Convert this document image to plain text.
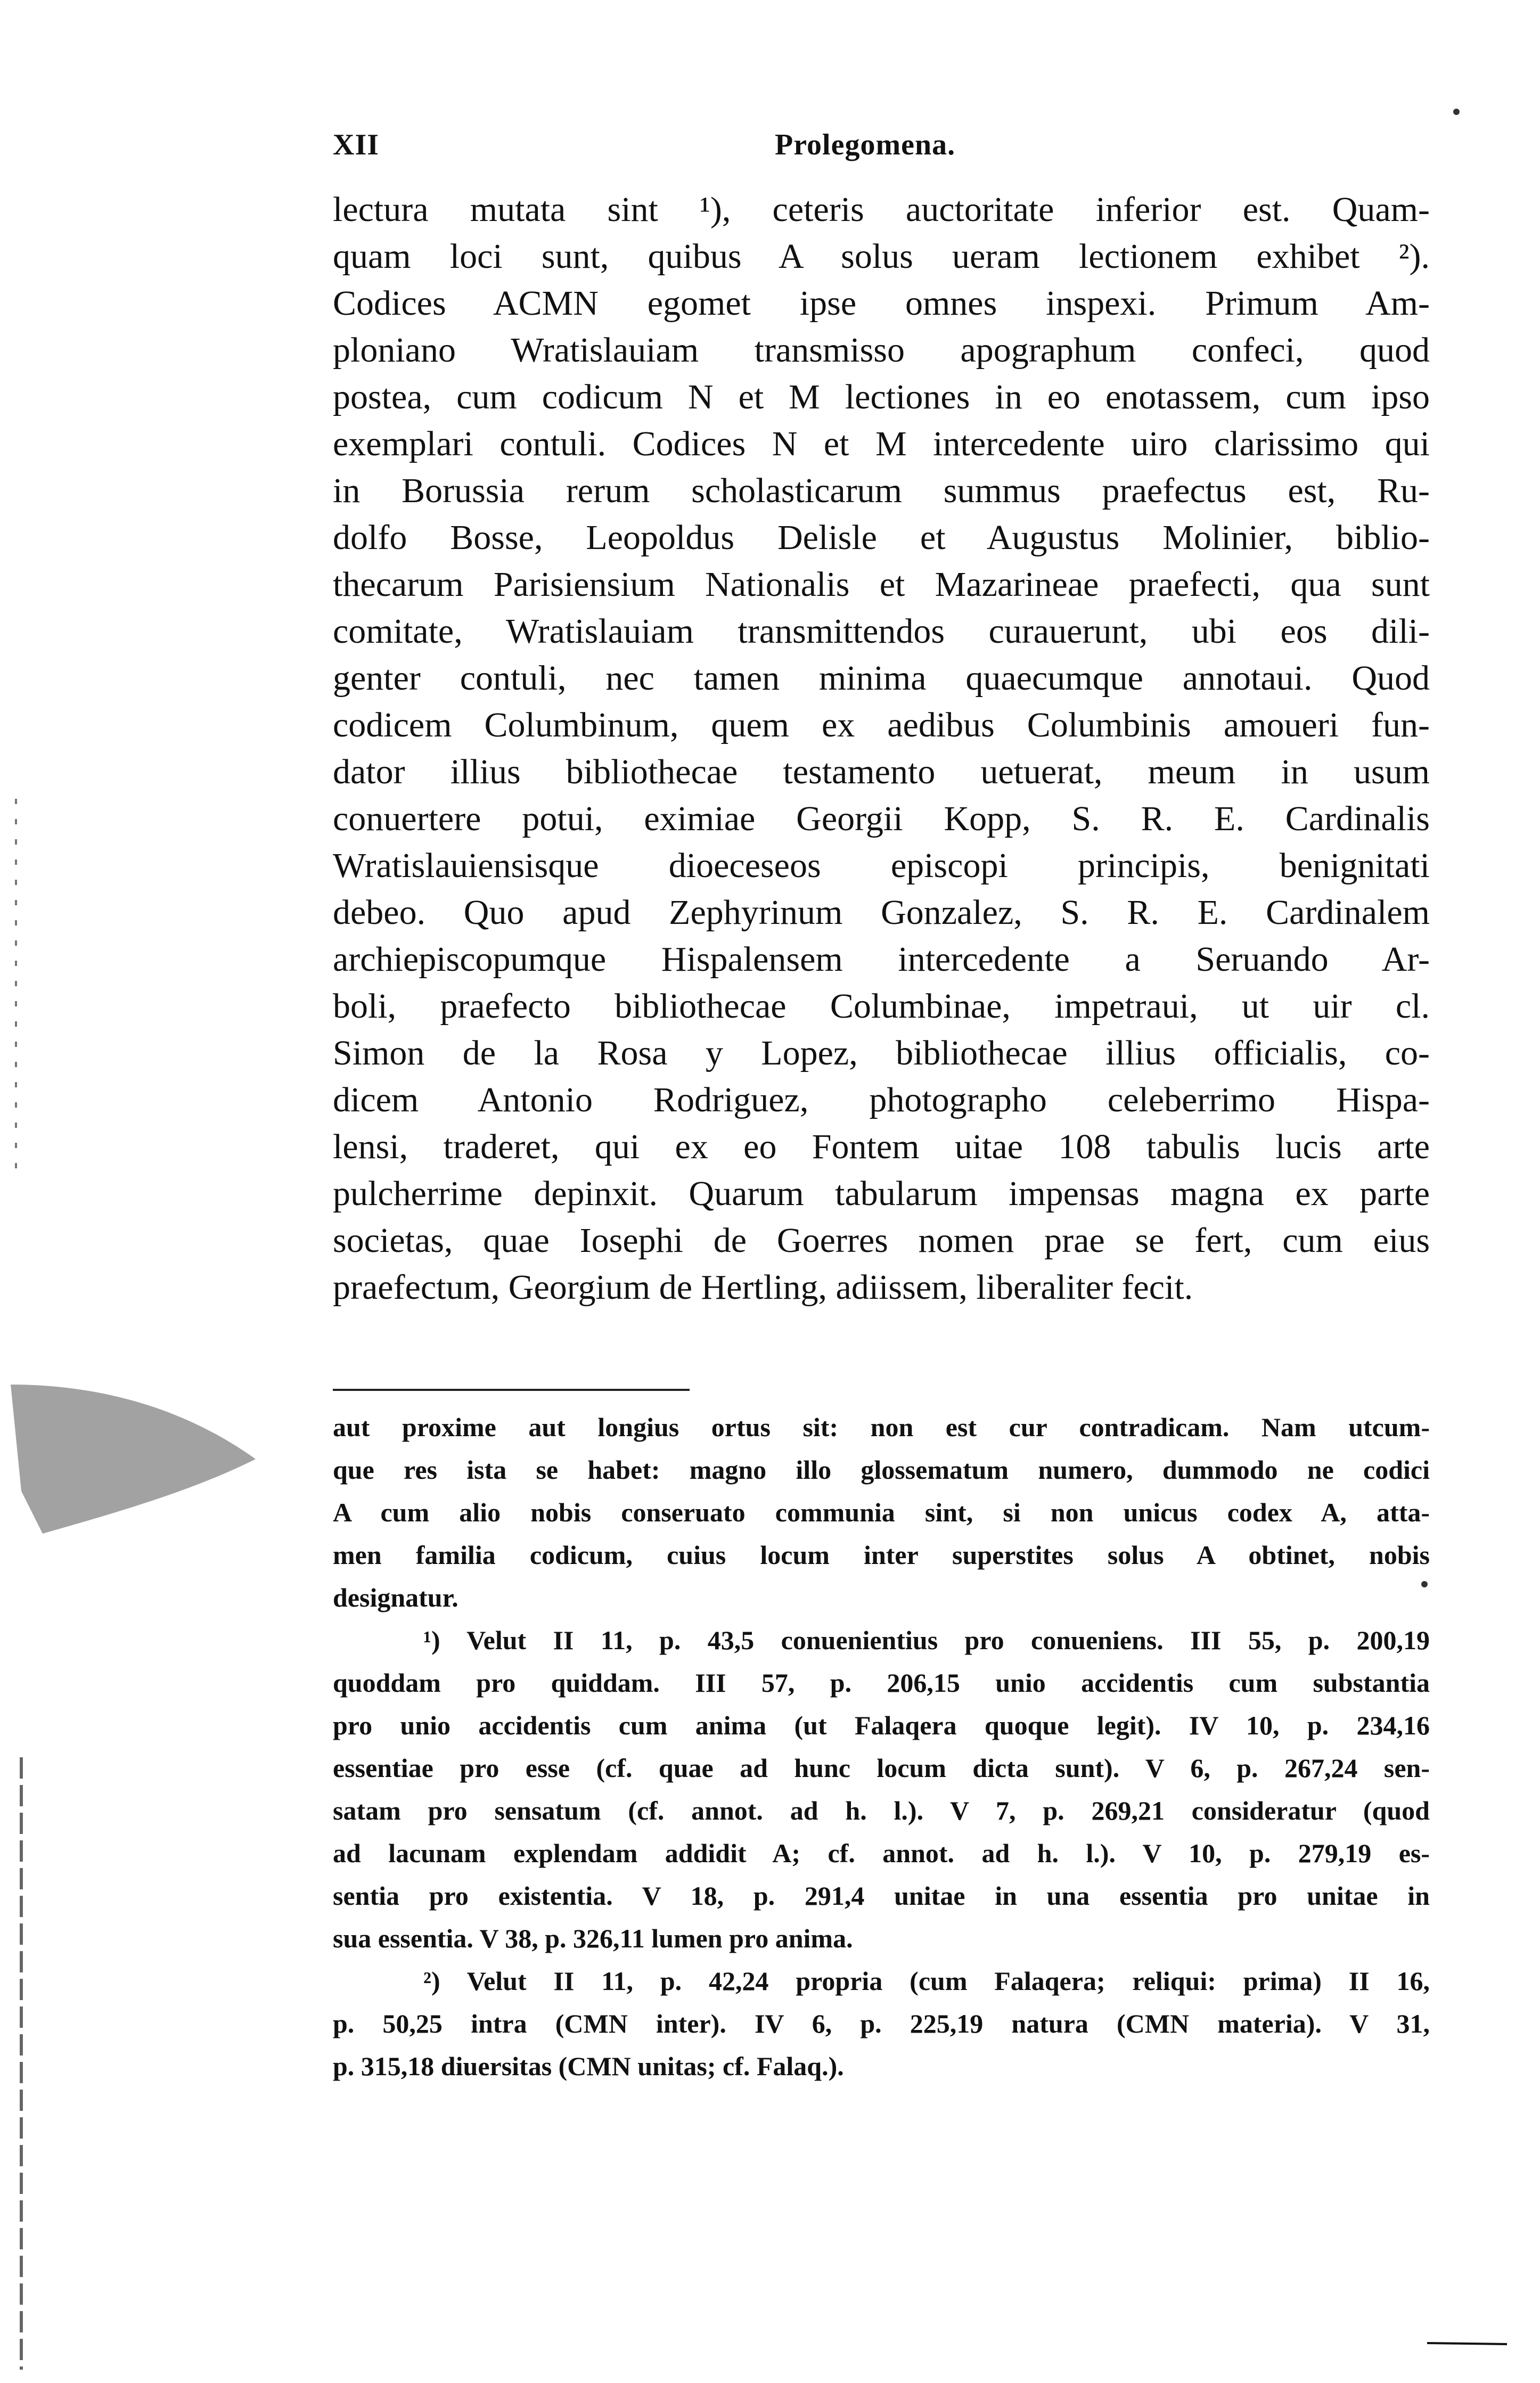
XII	Prolegomena.
lectura mutata sint ¹), ceteris auctoritate inferior est. Quam-
quam loci sunt, quibus A solus ueram lectionem exhibet ²).
Codices ACMN egomet ipse omnes inspexi. Primum Am-
ploniano Wratislauiam transmisso apographum confeci, quod
postea, cum codicum N et M lectiones in eo enotassem, cum ipso
exemplari contuli. Codices N et M intercedente uiro clarissimo qui
in Borussia rerum scholasticarum summus praefectus est, Ru-
dolfo Bosse, Leopoldus Delisle et Augustus Molinier, biblio-
thecarum Parisiensium Nationalis et Mazarineae praefecti, qua sunt
comitate, Wratislauiam transmittendos curauerunt, ubi eos dili-
genter contuli, nec tamen minima quaecumque annotaui. Quod
codicem Columbinum, quem ex aedibus Columbinis amoueri fun-
dator illius bibliothecae testamento uetuerat, meum in usum
conuertere potui, eximiae Georgii Kopp, S. R. E. Cardinalis
Wratislauiensisque dioeceseos episcopi principis, benignitati
debeo. Quo apud Zephyrinum Gonzalez, S. R. E. Cardinalem
archiepiscopumque Hispalensem intercedente a Seruando Ar-
boli, praefecto bibliothecae Columbinae, impetraui, ut uir cl.
Simon de la Rosa y Lopez, bibliothecae illius officialis, co-
dicem Antonio Rodriguez, photographo celeberrimo Hispa-
lensi, traderet, qui ex eo Fontem uitae 108 tabulis lucis arte
pulcherrime depinxit. Quarum tabularum impensas magna ex parte
societas, quae Iosephi de Goerres nomen prae se fert, cum eius
praefectum, Georgium de Hertling, adiissem, liberaliter fecit.
aut proxime aut longius ortus sit: non est cur contradicam. Nam utcum-
que res ista se habet: magno illo glossematum numero, dummodo ne codici
A cum alio nobis conseruato communia sint, si non unicus codex A, atta-
men familia codicum, cuius locum inter superstites solus A obtinet, nobis
designatur.
¹) Velut II 11, p. 43,5 conuenientius pro conueniens. III 55, p. 200,19
quoddam pro quiddam. III 57, p. 206,15 unio accidentis cum substantia
pro unio accidentis cum anima (ut Falaqera quoque legit). IV 10, p. 234,16
essentiae pro esse (cf. quae ad hunc locum dicta sunt). V 6, p. 267,24 sen-
satam pro sensatum (cf. annot. ad h. l.). V 7, p. 269,21 consideratur (quod
ad lacunam explendam addidit A; cf. annot. ad h. l.). V 10, p. 279,19 es-
sentia pro existentia. V 18, p. 291,4 unitae in una essentia pro unitae in
sua essentia. V 38, p. 326,11 lumen pro anima.
²) Velut II 11, p. 42,24 propria (cum Falaqera; reliqui: prima) II 16,
p. 50,25 intra (CMN inter). IV 6, p. 225,19 natura (CMN materia). V 31,
p. 315,18 diuersitas (CMN unitas; cf. Falaq.).
